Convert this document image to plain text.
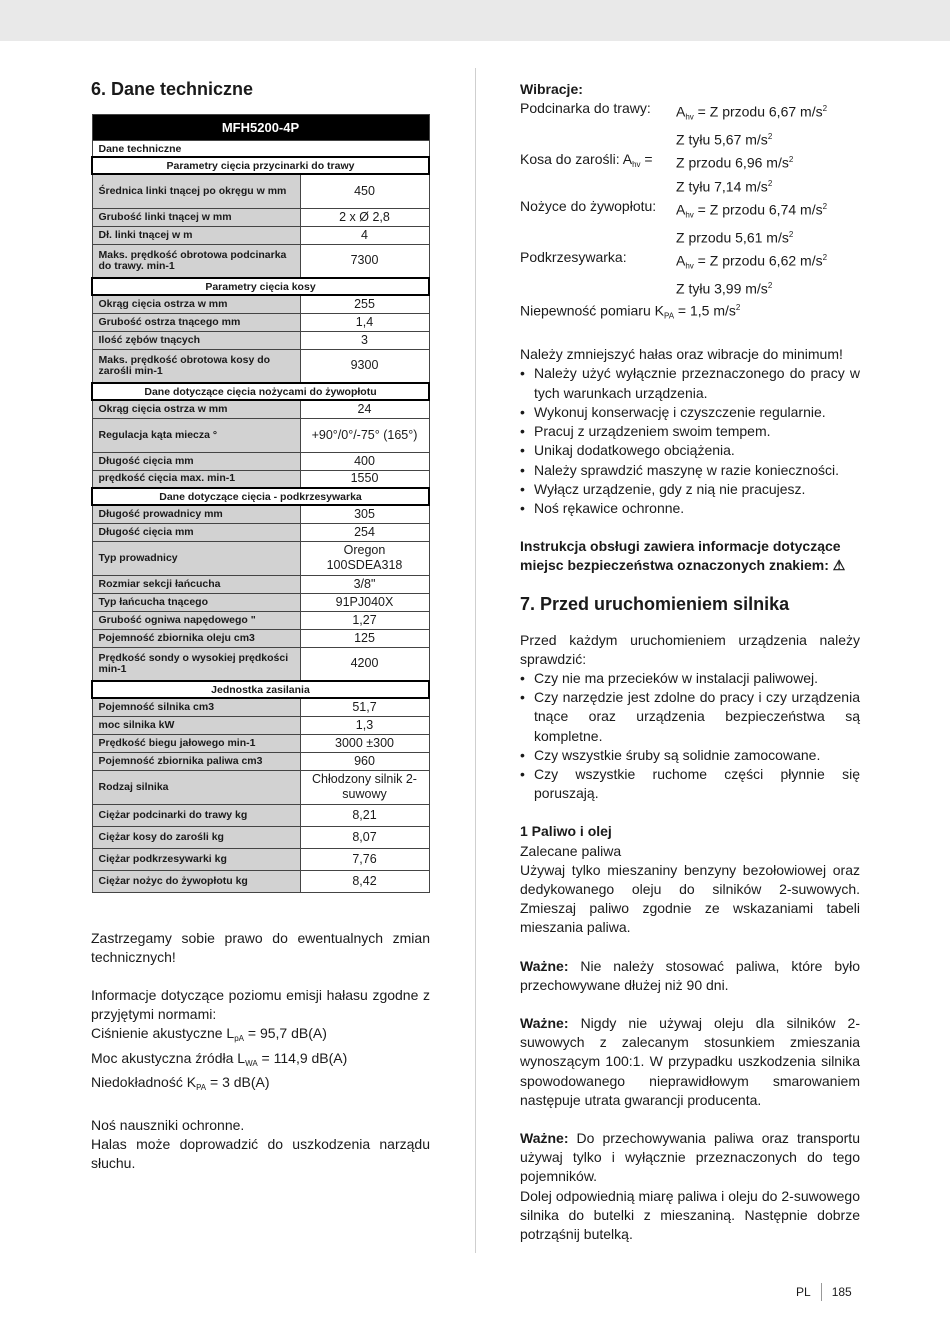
6. Dane techniczne
MFH5200-4P	
Dane techniczne	
Parametry cięcia przycinarki do trawy	
Średnica linki tnącej po okręgu w mm	450
Grubość linki tnącej w mm	2 x Ø 2,8
Dł. linki tnącej w m	4
Maks. prędkość obrotowa podcinarka do trawy. min-1	7300
Parametry cięcia kosy	
Okrąg cięcia ostrza w mm	255
Grubość ostrza tnącego mm	1,4
Ilość zębów tnących	3
Maks. prędkość obrotowa kosy do zarośli min-1	9300
Dane dotyczące cięcia nożycami do żywopłotu	
Okrąg cięcia ostrza w mm	24
Regulacja kąta miecza °	+90°/0°/-75° (165°)
Długość cięcia mm	400
prędkość cięcia max. min-1	1550
Dane dotyczące cięcia - podkrzesywarka	
Długość prowadnicy mm	305
Długość cięcia mm	254
Typ prowadnicy	Oregon 100SDEA318
Rozmiar sekcji łańcucha	3/8"
Typ łańcucha tnącego	91PJ040X
Grubość ogniwa napędowego "	1,27
Pojemność zbiornika oleju cm3	125
Prędkość sondy o wysokiej prędkości min-1	4200
Jednostka zasilania	
Pojemność silnika cm3	51,7
moc silnika kW	1,3
Prędkość biegu jałowego min-1	3000 ±300
Pojemność zbiornika paliwa cm3	960
Rodzaj silnika	Chłodzony silnik 2-suwowy
Ciężar podcinarki do trawy kg	8,21
Ciężar kosy do zarośli kg	8,07
Ciężar podkrzesywarki kg	7,76
Ciężar nożyc do żywopłotu kg	8,42

Zastrzegamy sobie prawo do ewentualnych zmian technicznych!

Informacje dotyczące poziomu emisji hałasu zgodne z przyjętymi normami:

Ciśnienie akustyczne $L_{pA} = 95,7$ dB(A)

Moc akustyczna źródła $L_{WA} = 114,9$ dB(A)

Niedokładność $K_{PA} = 3$ dB(A)

Noś nauszniki ochronne.

Halas może doprowadzić do uszkodzenia narządu słuchu.

Wibracje:

Podcinarka do trawy:	$A_{hv} = Z$ przodu 6,67 $m/s^2$
Z tyłu 5,67 $m/s^2$
Kosa do zarośli: $A_{hv}$ =	Z przodu 6,96 $m/s^2$
Z tyłu 7,14 $m/s^2$
Nożyce do żywopłotu:	$A_{hv} = Z$ przodu 6,74 $m/s^2$
Z przodu 5,61 $m/s^2$
Podkrzesywarka:	$A_{hv} = Z$ przodu 6,62 $m/s^2$
Z tyłu 3,99 $m/s^2$

Niepewność pomiaru $K_{PA} = 1,5$ $m/s^2$

Należy zmniejszyć hałas oraz wibracje do minimum!

• Należy użyć wyłącznie przeznaczonego do pracy w tych warunkach urządzenia.
• Wykonuj konserwację i czyszczenie regularnie.
• Pracuj z urządzeniem swoim tempem.
• Unikaj dodatkowego obciążenia.
• Należy sprawdzić maszynę w razie konieczności.
• Wyłącz urządzenie, gdy z nią nie pracujesz.
• Noś rękawice ochronne.

Instrukcja obsługi zawiera informacje dotyczące miejsc bezpieczeństwa oznaczonych znakiem: ⚠

7. Przed uruchomieniem silnika

Przed każdym uruchomieniem urządzenia należy sprawdzić:

• Czy nie ma przecieków w instalacji paliwowej.
• Czy narzędzie jest zdolne do pracy i czy urządzenia tnące oraz urządzenia bezpieczeństwa są kompletne.
• Czy wszystkie śruby są solidnie zamocowane.
• Czy wszystkie ruchome części płynnie się poruszają.

1 Paliwo i olej

Zalecane paliwa

Używaj tylko mieszaniny benzyny bezołowiowej oraz dedykowanego oleju do silników 2-suwowych. Zmieszaj paliwo zgodnie ze wskazaniami tabeli mieszania paliwa.

Ważne: Nie należy stosować paliwa, które było przechowywane dłużej niż 90 dni.

Ważne: Nigdy nie używaj oleju dla silników 2-suwowych z zalecanym stosunkiem zmieszania wynoszącym 100:1. W przypadku uszkodzenia silnika spowodowanego nieprawidłowym smarowaniem następuje utrata gwarancji producenta.

Ważne: Do przechowywania paliwa oraz transportu używaj tylko i wyłącznie przeznaczonych do tego pojemników.

Dolej odpowiednią miarę paliwa i oleju do 2-suwowego silnika do butelki z mieszaniną. Następnie dobrze potrząśnij butelką.

PL 185
